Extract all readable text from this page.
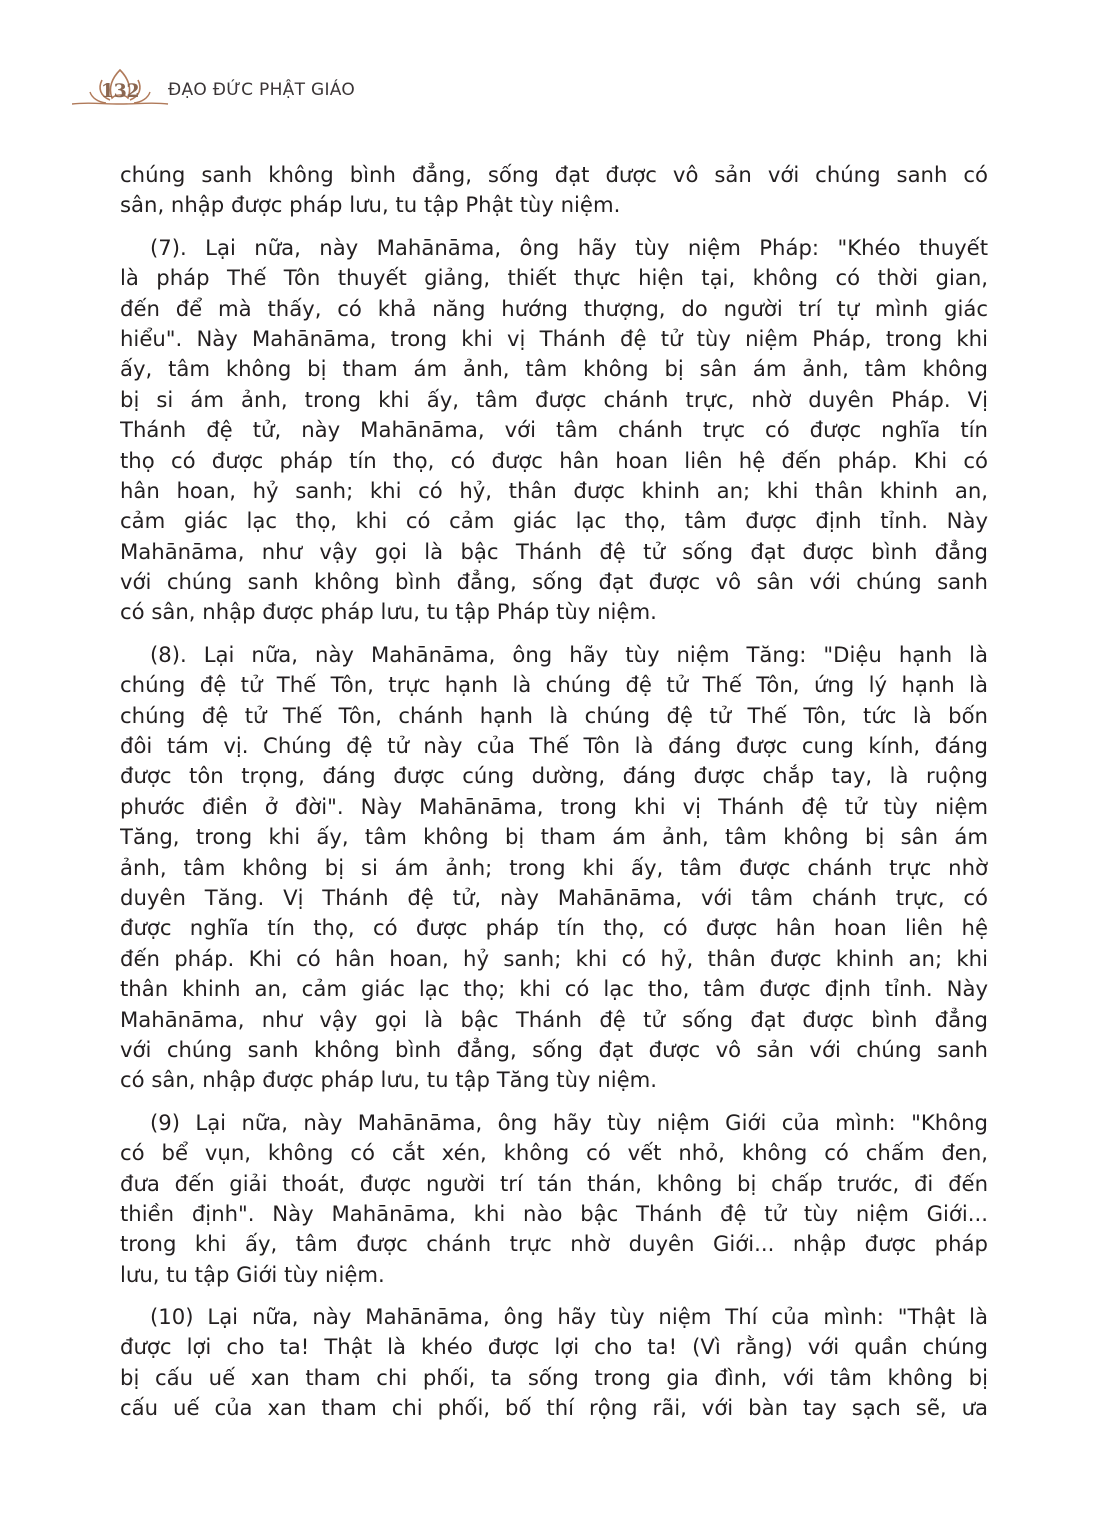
132 ĐẠO ĐỨC PHẬT GIÁO
chúng sanh không bình đẳng, sống đạt được vô sản với chúng sanh có
sân, nhập được pháp lưu, tu tập Phật tùy niệm.
(7). Lại nữa, này Mahānāma, ông hãy tùy niệm Pháp: "Khéo thuyết
là pháp Thế Tôn thuyết giảng, thiết thực hiện tại, không có thời gian,
đến để mà thấy, có khả năng hướng thượng, do người trí tự mình giác
hiểu". Này Mahānāma, trong khi vị Thánh đệ tử tùy niệm Pháp, trong khi
ấy, tâm không bị tham ám ảnh, tâm không bị sân ám ảnh, tâm không
bị si ám ảnh, trong khi ấy, tâm được chánh trực, nhờ duyên Pháp. Vị
Thánh đệ tử, này Mahānāma, với tâm chánh trực có được nghĩa tín
thọ có được pháp tín thọ, có được hân hoan liên hệ đến pháp. Khi có
hân hoan, hỷ sanh; khi có hỷ, thân được khinh an; khi thân khinh an,
cảm giác lạc thọ, khi có cảm giác lạc thọ, tâm được định tỉnh. Này
Mahānāma, như vậy gọi là bậc Thánh đệ tử sống đạt được bình đẳng
với chúng sanh không bình đẳng, sống đạt được vô sân với chúng sanh
có sân, nhập được pháp lưu, tu tập Pháp tùy niệm.
(8). Lại nữa, này Mahānāma, ông hãy tùy niệm Tăng: "Diệu hạnh là
chúng đệ tử Thế Tôn, trực hạnh là chúng đệ tử Thế Tôn, ứng lý hạnh là
chúng đệ tử Thế Tôn, chánh hạnh là chúng đệ tử Thế Tôn, tức là bốn
đôi tám vị. Chúng đệ tử này của Thế Tôn là đáng được cung kính, đáng
được tôn trọng, đáng được cúng dường, đáng được chắp tay, là ruộng
phước điền ở đời". Này Mahānāma, trong khi vị Thánh đệ tử tùy niệm
Tăng, trong khi ấy, tâm không bị tham ám ảnh, tâm không bị sân ám
ảnh, tâm không bị si ám ảnh; trong khi ấy, tâm được chánh trực nhờ
duyên Tăng. Vị Thánh đệ tử, này Mahānāma, với tâm chánh trực, có
được nghĩa tín thọ, có được pháp tín thọ, có được hân hoan liên hệ
đến pháp. Khi có hân hoan, hỷ sanh; khi có hỷ, thân được khinh an; khi
thân khinh an, cảm giác lạc thọ; khi có lạc tho, tâm được định tỉnh. Này
Mahānāma, như vậy gọi là bậc Thánh đệ tử sống đạt được bình đẳng
với chúng sanh không bình đẳng, sống đạt được vô sản với chúng sanh
có sân, nhập được pháp lưu, tu tập Tăng tùy niệm.
(9) Lại nữa, này Mahānāma, ông hãy tùy niệm Giới của mình: "Không
có bể vụn, không có cắt xén, không có vết nhỏ, không có chấm đen,
đưa đến giải thoát, được người trí tán thán, không bị chấp trước, đi đến
thiền định". Này Mahānāma, khi nào bậc Thánh đệ tử tùy niệm Giới...
trong khi ấy, tâm được chánh trực nhờ duyên Giới... nhập được pháp
lưu, tu tập Giới tùy niệm.
(10) Lại nữa, này Mahānāma, ông hãy tùy niệm Thí của mình: "Thật là
được lợi cho ta! Thật là khéo được lợi cho ta! (Vì rằng) với quần chúng
bị cấu uế xan tham chi phối, ta sống trong gia đình, với tâm không bị
cấu uế của xan tham chi phối, bố thí rộng rãi, với bàn tay sạch sẽ, ưa
